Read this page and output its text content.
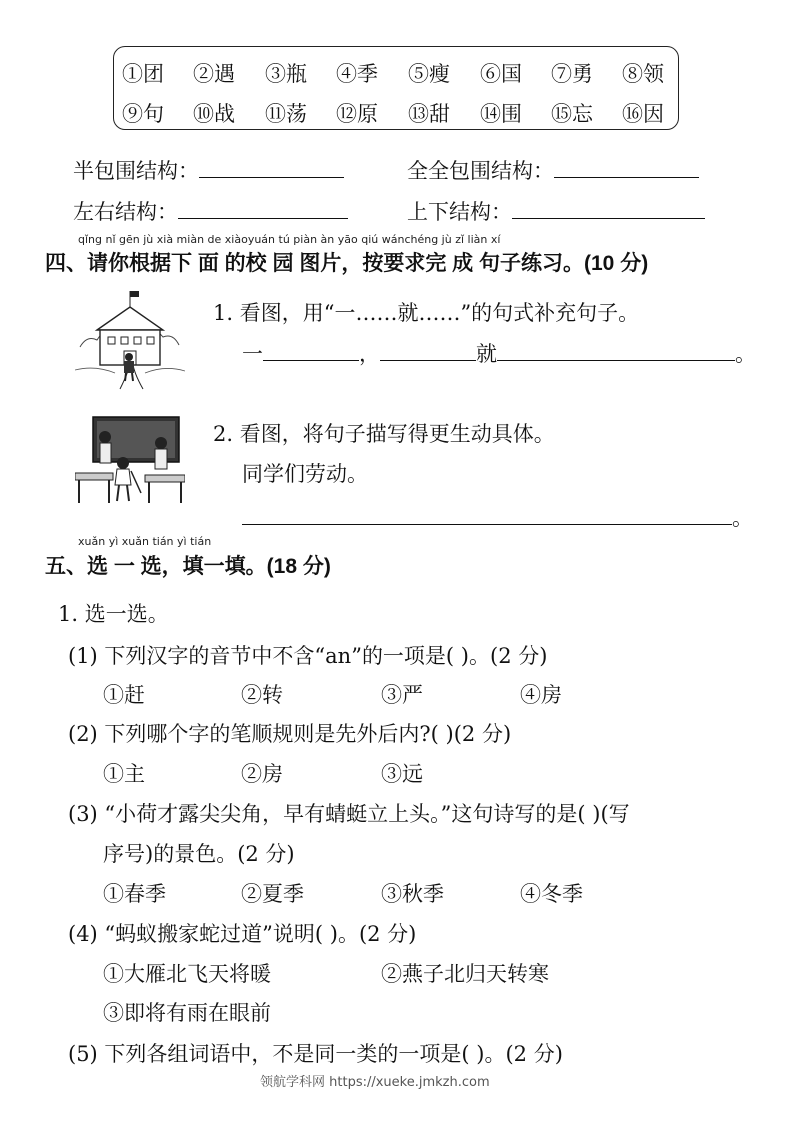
①团 ②遇 ③瓶 ④季 ⑤瘦 ⑥国 ⑦勇 ⑧领
⑨句 ⑩战 ⑪荡 ⑫原 ⑬甜 ⑭围 ⑮忘 ⑯因
半包围结构：	全全包围结构：
左右结构：	上下结构：
qǐng nǐ gēn jù xià miàn de xiàoyuán tú piàn àn yāo qiú wánchéng jù zǐ liàn xí
四、请你根据下 面 的校 园 图片，按要求完 成 句子练习。(10 分)
1. 看图，用“一……就……”的句式补充句子。
一	，	就	。
2. 看图，将句子描写得更生动具体。
同学们劳动。
。
xuǎn yì xuǎn tián yì tián
五、选 一 选，填一填。(18 分)
1. 选一选。
(1) 下列汉字的音节中不含“an”的一项是( )。(2 分)
①赶	②转	③严	④房
(2) 下列哪个字的笔顺规则是先外后内?( )(2 分)
①主	②房	③远
(3) “小荷才露尖尖角，早有蜻蜓立上头。”这句诗写的是( )(写
序号)的景色。(2 分)
①春季	②夏季	③秋季	④冬季
(4) “蚂蚁搬家蛇过道”说明( )。(2 分)
①大雁北飞天将暖	②燕子北归天转寒
③即将有雨在眼前
(5) 下列各组词语中，不是同一类的一项是( )。(2 分)
领航学科网 https://xueke.jmkzh.com
